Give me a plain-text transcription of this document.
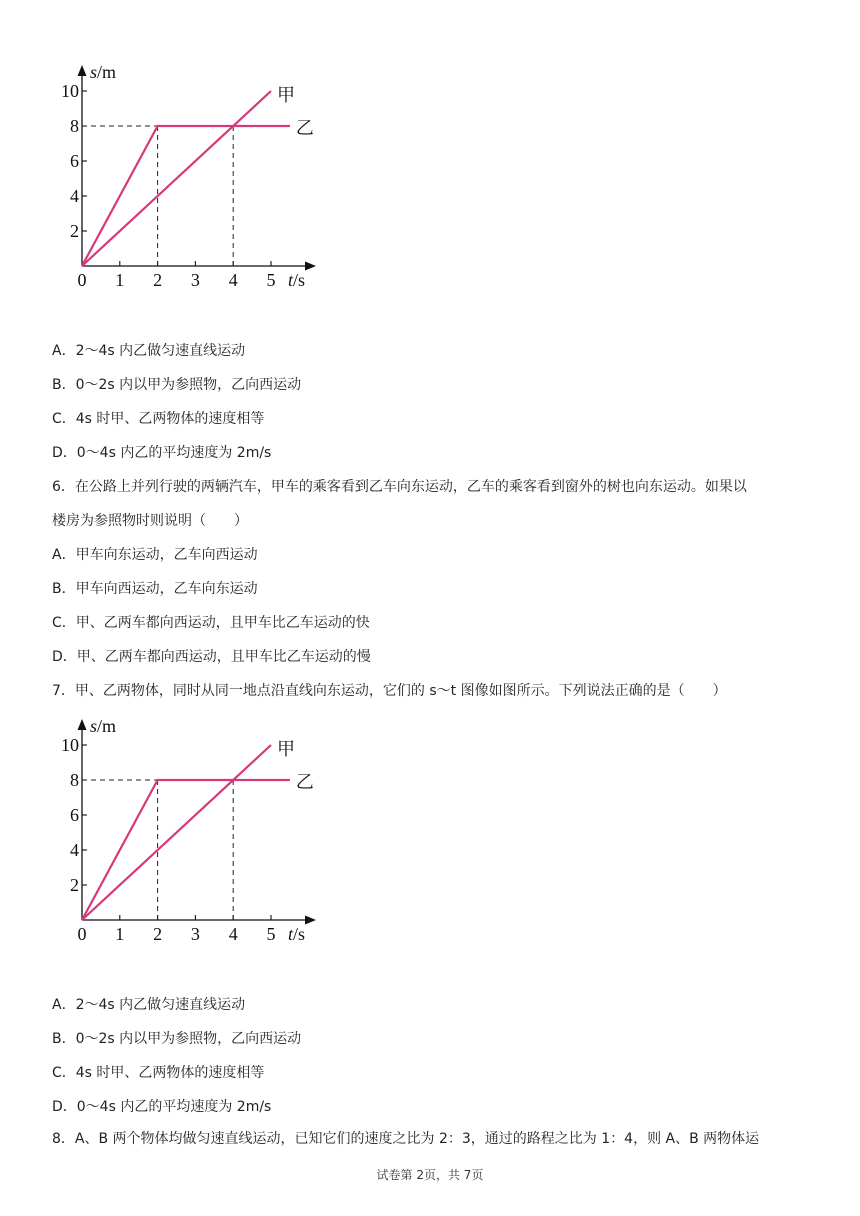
0 1 2 3 4 5
2
4
6
8
10
s/m
t/s
甲
乙
A．2～4s 内乙做匀速直线运动
B．0～2s 内以甲为参照物，乙向西运动
C．4s 时甲、乙两物体的速度相等
D．0～4s 内乙的平均速度为 2m/s
6．在公路上并列行驶的两辆汽车，甲车的乘客看到乙车向东运动，乙车的乘客看到窗外的树也向东运动。如果以
楼房为参照物时则说明（　　）
A．甲车向东运动，乙车向西运动
B．甲车向西运动，乙车向东运动
C．甲、乙两车都向西运动，且甲车比乙车运动的快
D．甲、乙两车都向西运动，且甲车比乙车运动的慢
7．甲、乙两物体，同时从同一地点沿直线向东运动，它们的 s～t 图像如图所示。下列说法正确的是（　　）
0 1 2 3 4 5
2
4
6
8
10
s/m
t/s
甲
乙
A．2～4s 内乙做匀速直线运动
B．0～2s 内以甲为参照物，乙向西运动
C．4s 时甲、乙两物体的速度相等
D．0～4s 内乙的平均速度为 2m/s
8．A、B 两个物体均做匀速直线运动，已知它们的速度之比为 2：3，通过的路程之比为 1：4，则 A、B 两物体运
试卷第 2页，共 7页
